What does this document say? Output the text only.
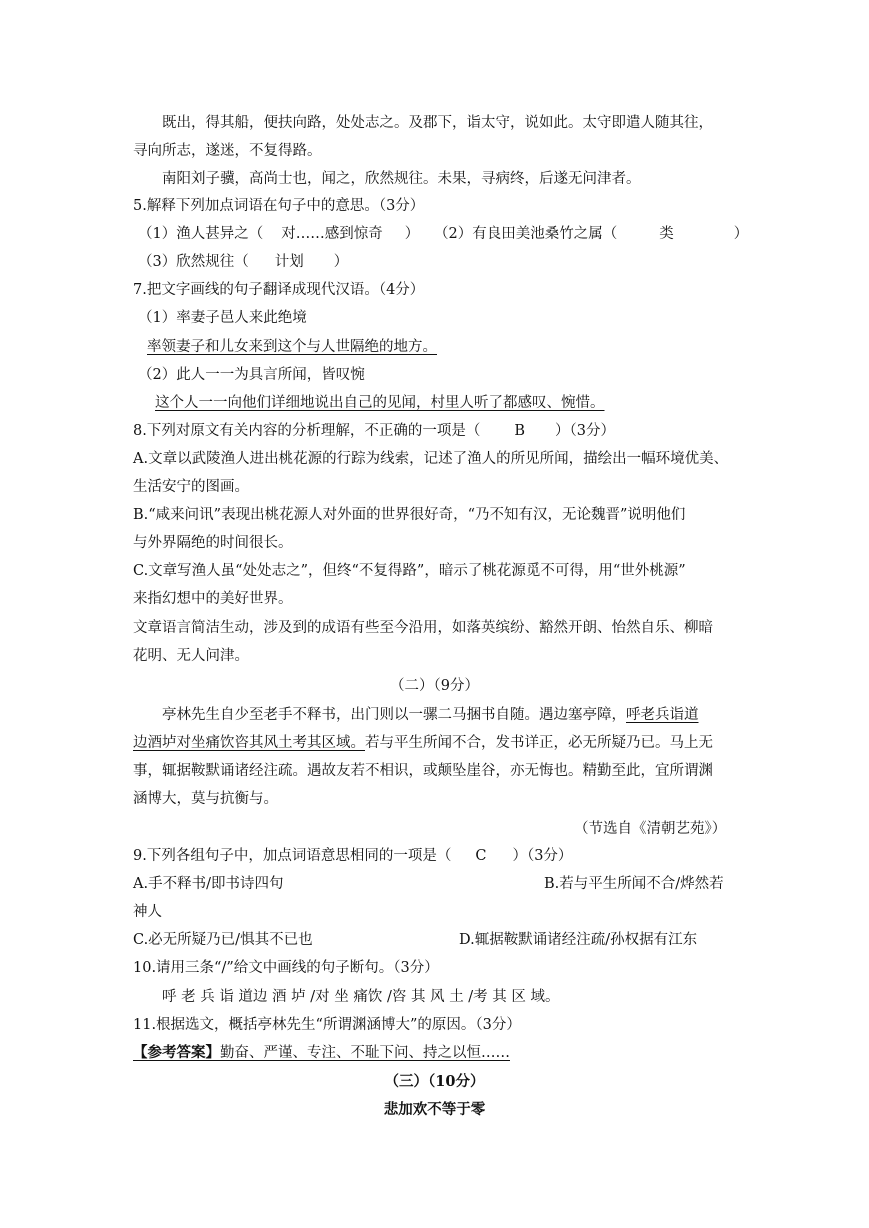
既出，得其船，便扶向路，处处志之。及郡下，诣太守，说如此。太守即遣人随其往，
寻向所志，遂迷，不复得路。
南阳刘子骥，高尚士也，闻之，欣然规往。未果，寻病终，后遂无问津者。
5.解释下列加点词语在句子中的意思。（3分）
（1）渔人甚异之（ 对……感到惊奇 ） （2）有良田美池桑竹之属（	类	）
（3）欣然规往（ 计划 ）
7.把文字画线的句子翻译成现代汉语。（4分）
（1）率妻子邑人来此绝境
率领妻子和儿女来到这个与人世隔绝的地方。
（2）此人一一为具言所闻，皆叹惋
这个人一一向他们详细地说出自己的见闻，村里人听了都感叹、惋惜。
8.下列对原文有关内容的分析理解，不正确的一项是（ B ）（3分）
A.文章以武陵渔人进出桃花源的行踪为线索，记述了渔人的所见所闻，描绘出一幅环境优美、
生活安宁的图画。
B.“咸来问讯”表现出桃花源人对外面的世界很好奇，“乃不知有汉，无论魏晋”说明他们
与外界隔绝的时间很长。
C.文章写渔人虽“处处志之”，但终“不复得路”，暗示了桃花源觅不可得，用“世外桃源”
来指幻想中的美好世界。
文章语言简洁生动，涉及到的成语有些至今沿用，如落英缤纷、豁然开朗、怡然自乐、柳暗
花明、无人问津。
（二）（9分）
亭林先生自少至老手不释书，出门则以一骡二马捆书自随。遇边塞亭障，呼老兵诣道
边酒垆对坐痛饮咨其风土考其区域。若与平生所闻不合，发书详正，必无所疑乃已。马上无
事，辄据鞍默诵诸经注疏。遇故友若不相识，或颠坠崖谷，亦无悔也。精勤至此，宜所谓渊
涵博大，莫与抗衡与。
（节选自《清朝艺苑》）
9.下列各组句子中，加点词语意思相同的一项是（ C ）（3分）
A.手不释书/即书诗四句	B.若与平生所闻不合/烨然若
神人
C.必无所疑乃已/惧其不已也	D.辄据鞍默诵诸经注疏/孙权据有江东
10.请用三条“/”给文中画线的句子断句。（3分）
呼 老 兵 诣 道边 酒 垆 /对 坐 痛饮 /咨 其 风 土 /考 其 区 域。
11.根据选文，概括亭林先生“所谓渊涵博大”的原因。（3分）
【参考答案】勤奋、严谨、专注、不耻下问、持之以恒……
（三）（10分）
悲加欢不等于零
